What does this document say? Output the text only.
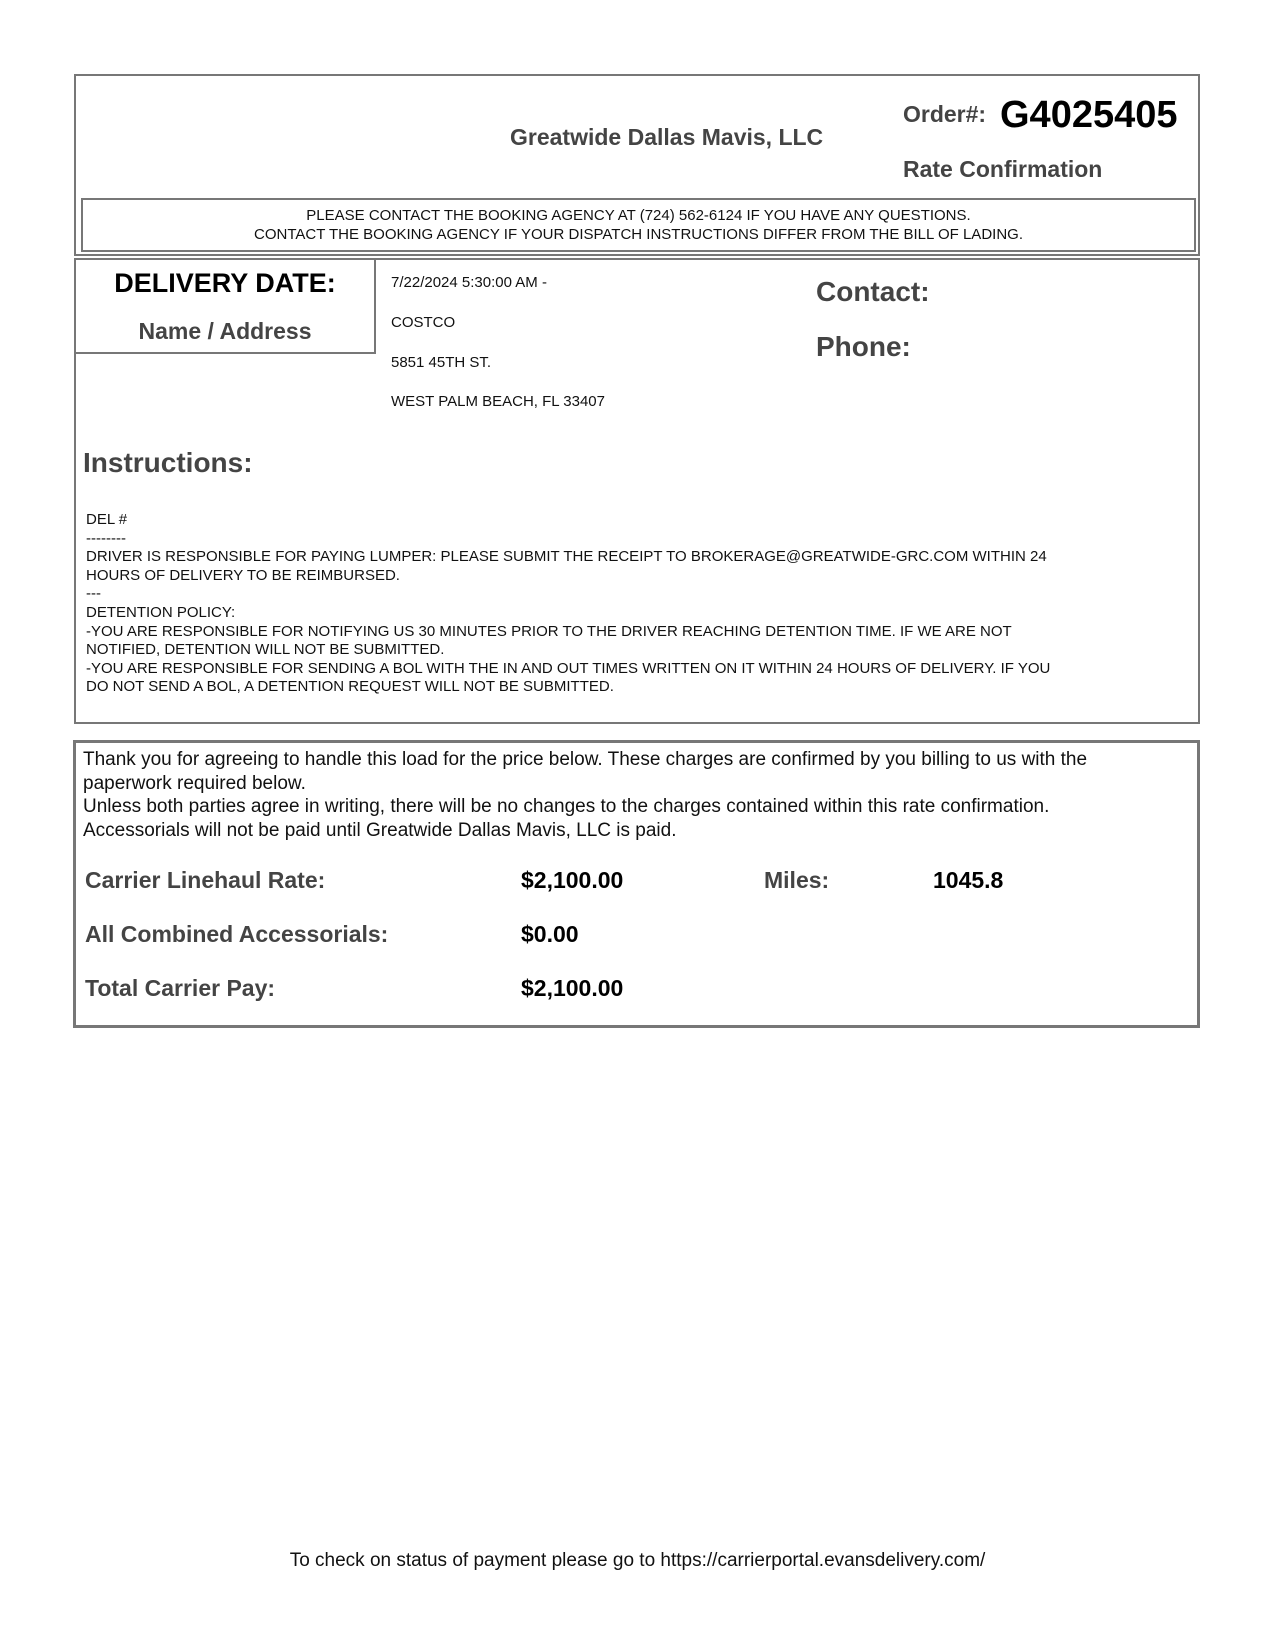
Greatwide Dallas Mavis, LLC
Order#: G4025405
Rate Confirmation
PLEASE CONTACT THE BOOKING AGENCY AT (724) 562-6124 IF YOU HAVE ANY QUESTIONS.
CONTACT THE BOOKING AGENCY IF YOUR DISPATCH INSTRUCTIONS DIFFER FROM THE BILL OF LADING.
DELIVERY DATE:
Name / Address
7/22/2024 5:30:00 AM -
COSTCO
5851 45TH ST.
WEST PALM BEACH, FL 33407
Contact:
Phone:
Instructions:
DEL #
--------
DRIVER IS RESPONSIBLE FOR PAYING LUMPER: PLEASE SUBMIT THE RECEIPT TO BROKERAGE@GREATWIDE-GRC.COM WITHIN 24
HOURS OF DELIVERY TO BE REIMBURSED.
---
DETENTION POLICY:
-YOU ARE RESPONSIBLE FOR NOTIFYING US 30 MINUTES PRIOR TO THE DRIVER REACHING DETENTION TIME. IF WE ARE NOT
NOTIFIED, DETENTION WILL NOT BE SUBMITTED.
-YOU ARE RESPONSIBLE FOR SENDING A BOL WITH THE IN AND OUT TIMES WRITTEN ON IT WITHIN 24 HOURS OF DELIVERY. IF YOU
DO NOT SEND A BOL, A DETENTION REQUEST WILL NOT BE SUBMITTED.
Thank you for agreeing to handle this load for the price below. These charges are confirmed by you billing to us with the
paperwork required below.
Unless both parties agree in writing, there will be no changes to the charges contained within this rate confirmation.
Accessorials will not be paid until Greatwide Dallas Mavis, LLC is paid.
Carrier Linehaul Rate:	$2,100.00	Miles:	1045.8
All Combined Accessorials:	$0.00
Total Carrier Pay:	$2,100.00
To check on status of payment please go to https://carrierportal.evansdelivery.com/
